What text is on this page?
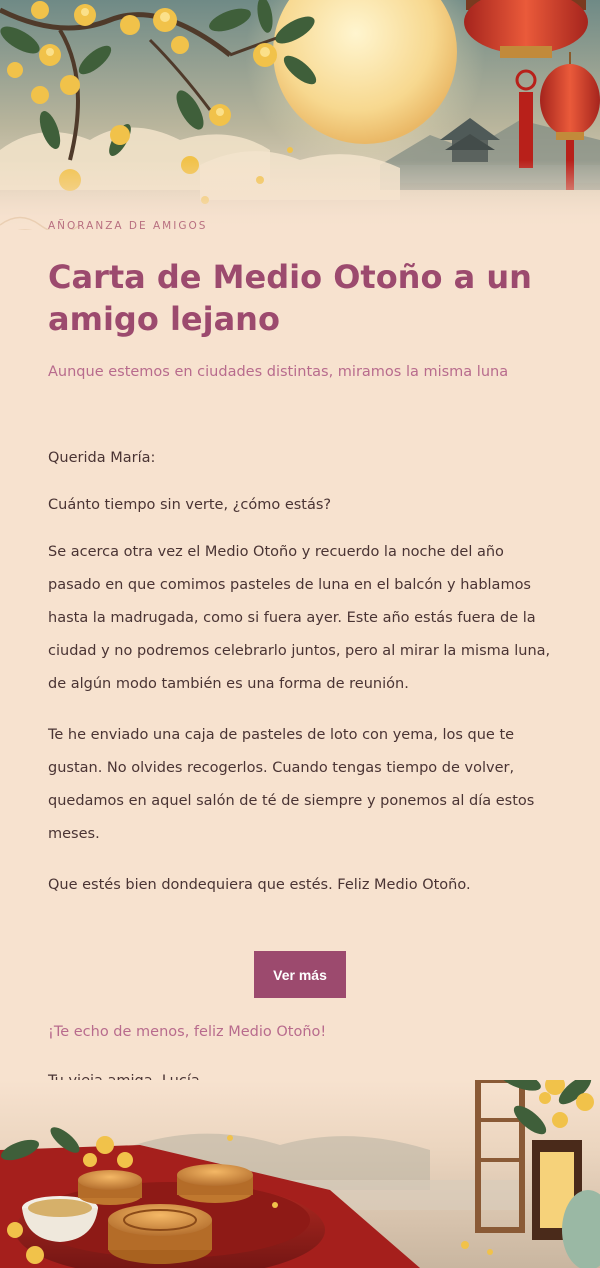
AÑORANZA DE AMIGOS
Carta de Medio Otoño a un amigo lejano

Aunque estemos en ciudades distintas, miramos la misma luna

Querida María:

Cuánto tiempo sin verte, ¿cómo estás?

Se acerca otra vez el Medio Otoño y recuerdo la noche del año pasado en que comimos pasteles de luna en el balcón y hablamos hasta la madrugada, como si fuera ayer. Este año estás fuera de la ciudad y no podremos celebrarlo juntos, pero al mirar la misma luna, de algún modo también es una forma de reunión.

Te he enviado una caja de pasteles de loto con yema, los que te gustan. No olvides recogerlos. Cuando tengas tiempo de volver, quedamos en aquel salón de té de siempre y ponemos al día estos meses.

Que estés bien dondequiera que estés. Feliz Medio Otoño.

Ver más

¡Te echo de menos, feliz Medio Otoño!
